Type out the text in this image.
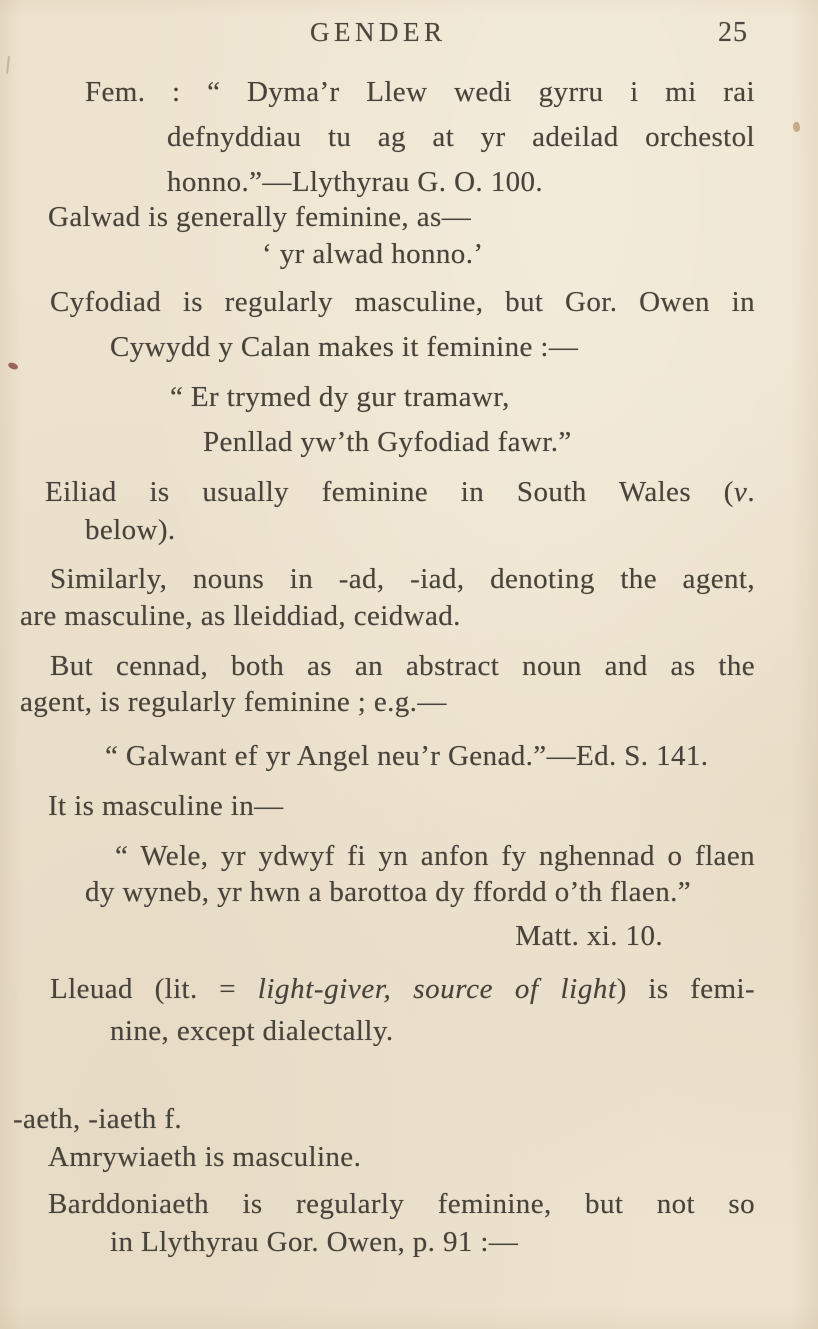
GENDER	25
Fem. : “ Dyma’r Llew wedi gyrru i mi rai
defnyddiau tu ag at yr adeilad orchestol
honno.”—Llythyrau G. O. 100.
Galwad is generally feminine, as—
‘ yr alwad honno.’
Cyfodiad is regularly masculine, but Gor. Owen in
Cywydd y Calan makes it feminine :—
“ Er trymed dy gur tramawr,
Penllad yw’th Gyfodiad fawr.”
Eiliad is usually feminine in South Wales (v.
below).
Similarly, nouns in -ad, -iad, denoting the agent,
are masculine, as lleiddiad, ceidwad.
But cennad, both as an abstract noun and as the
agent, is regularly feminine ; e.g.—
“ Galwant ef yr Angel neu’r Genad.”—Ed. S. 141.
It is masculine in—
“ Wele, yr ydwyf fi yn anfon fy nghennad o flaen
dy wyneb, yr hwn a barottoa dy ffordd o’th flaen.”
Matt. xi. 10.
Lleuad (lit. = light-giver, source of light) is femi-
nine, except dialectally.
-aeth, -iaeth f.
Amrywiaeth is masculine.
Barddoniaeth is regularly feminine, but not so
in Llythyrau Gor. Owen, p. 91 :—
